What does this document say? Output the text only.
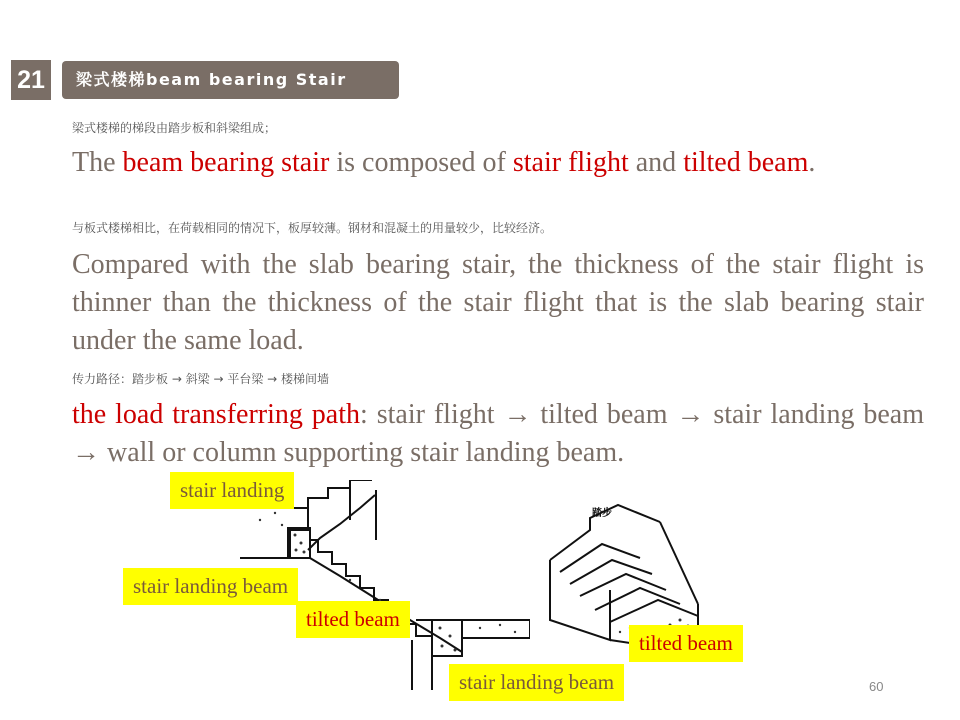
21	梁式楼梯beam bearing Stair
梁式楼梯的梯段由踏步板和斜梁组成；
The beam bearing stair is composed of stair flight and tilted beam.
与板式楼梯相比，在荷载相同的情况下，板厚较薄。钢材和混凝土的用量较少，比较经济。
Compared with the slab bearing stair, the thickness of the stair flight is thinner than the thickness of the stair flight that is the slab bearing stair under the same load.
传力路径：踏步板 → 斜梁 → 平台梁 → 楼梯间墙
the load transferring path: stair flight → tilted beam → stair landing beam → wall or column supporting stair landing beam.
踏步
stair landing
stair landing beam
tilted beam
tilted beam
stair landing beam	60
